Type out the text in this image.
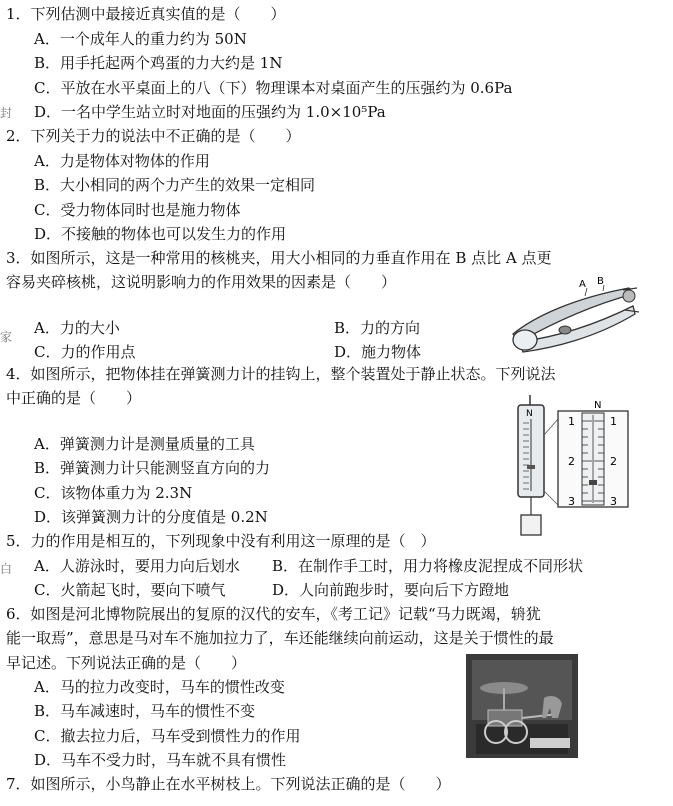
封
家
白
1．下列估测中最接近真实值的是（　　）
A．一个成年人的重力约为 50N
B．用手托起两个鸡蛋的力大约是 1N
C．平放在水平桌面上的八（下）物理课本对桌面产生的压强约为 0.6Pa
D．一名中学生站立时对地面的压强约为 1.0×10⁵Pa
2．下列关于力的说法中不正确的是（　　）
A．力是物体对物体的作用
B．大小相同的两个力产生的效果一定相同
C．受力物体同时也是施力物体
D．不接触的物体也可以发生力的作用
3．如图所示，这是一种常用的核桃夹，用大小相同的力垂直作用在 B 点比 A 点更
容易夹碎核桃，这说明影响力的作用效果的因素是（　　）
A．力的大小	B．力的方向
C．力的作用点	D．施力物体
A B
4．如图所示，把物体挂在弹簧测力计的挂钩上，整个装置处于静止状态。下列说法
中正确的是（　　）
A．弹簧测力计是测量质量的工具
B．弹簧测力计只能测竖直方向的力
C．该物体重力为 2.3N
D．该弹簧测力计的分度值是 0.2N
N
N
1
2
3
1
2
3
5．力的作用是相互的，下列现象中没有利用这一原理的是（　）
A．人游泳时，要用力向后划水 B．在制作手工时，用力将橡皮泥捏成不同形状
C．火箭起飞时，要向下喷气	D．人向前跑步时，要向后下方蹬地
6．如图是河北博物院展出的复原的汉代的安车，《考工记》记载“马力既竭，辀犹
能一取焉”，意思是马对车不施加拉力了，车还能继续向前运动，这是关于惯性的最
早记述。下列说法正确的是（　　）
A．马的拉力改变时，马车的惯性改变
B．马车减速时，马车的惯性不变
C．撤去拉力后，马车受到惯性力的作用
D．马车不受力时，马车就不具有惯性
7．如图所示，小鸟静止在水平树枝上。下列说法正确的是（　　）
